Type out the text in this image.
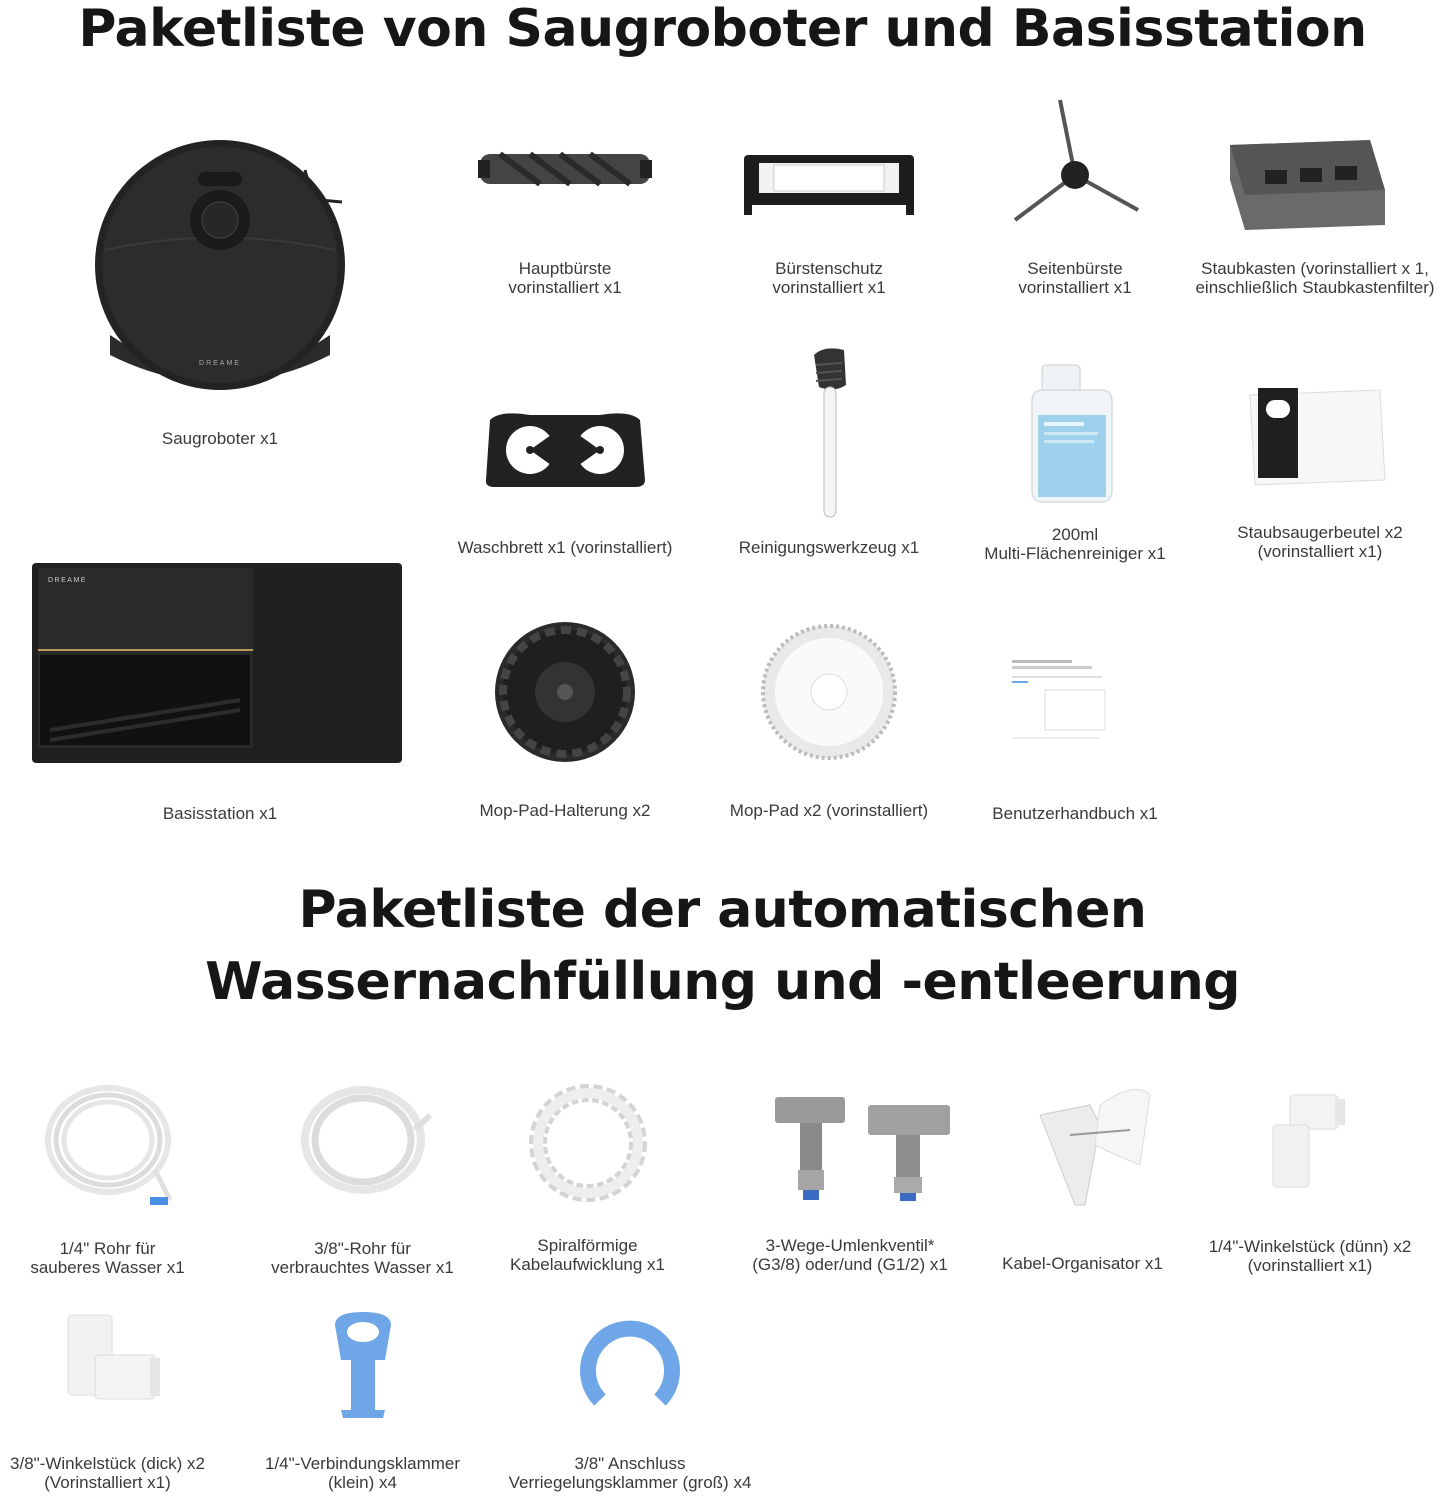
Paketliste von Saugroboter und Basisstation
DREAME
Saugroboter x1
Hauptbürste
vorinstalliert x1
Bürstenschutz
vorinstalliert x1
Seitenbürste
vorinstalliert x1
Staubkasten (vorinstalliert x 1,
einschließlich Staubkastenfilter)
Waschbrett x1 (vorinstalliert)	Reinigungswerkzeug x1
200ml
Multi-Flächenreiniger x1
Staubsaugerbeutel x2
(vorinstalliert x1)
DREAME
Basisstation x1	Mop-Pad-Halterung x2	Mop-Pad x2 (vorinstalliert)	Benutzerhandbuch x1
Paketliste der automatischen
Wassernachfüllung und -entleerung
1/4" Rohr für
sauberes Wasser x1
3/8"-Rohr für
verbrauchtes Wasser x1
Spiralförmige
Kabelaufwicklung x1
3-Wege-Umlenkventil*
(G3/8) oder/und (G1/2) x1	Kabel-Organisator x1
1/4"-Winkelstück (dünn) x2
(vorinstalliert x1)
3/8"-Winkelstück (dick) x2
(Vorinstalliert x1)
1/4"-Verbindungsklammer
(klein) x4
3/8" Anschluss
Verriegelungsklammer (groß) x4
